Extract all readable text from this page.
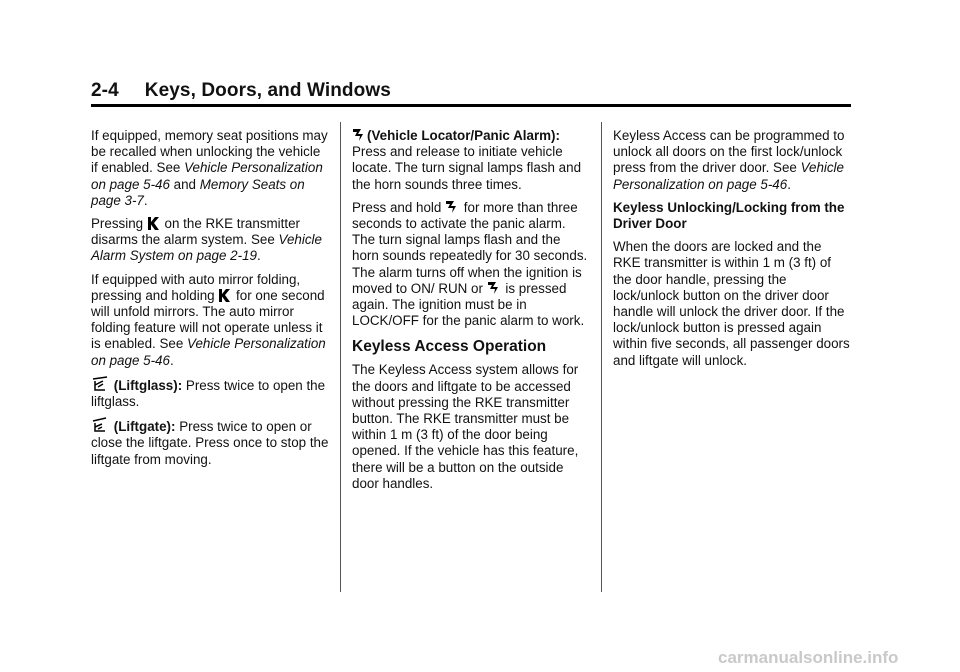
2-4 Keys, Doors, and Windows

If equipped, memory seat positions may be recalled when unlocking the vehicle if enabled. See Vehicle Personalization on page 5-46 and Memory Seats on page 3-7.

Pressing  on the RKE transmitter disarms the alarm system. See Vehicle Alarm System on page 2-19.

If equipped with auto mirror folding, pressing and holding  for one second will unfold mirrors. The auto mirror folding feature will not operate unless it is enabled. See Vehicle Personalization on page 5-46.

(Liftglass): Press twice to open the liftglass.

(Liftgate): Press twice to open or close the liftgate. Press once to stop the liftgate from moving.

(Vehicle Locator/Panic Alarm): Press and release to initiate vehicle locate. The turn signal lamps flash and the horn sounds three times.

Press and hold  for more than three seconds to activate the panic alarm. The turn signal lamps flash and the horn sounds repeatedly for 30 seconds. The alarm turns off when the ignition is moved to ON/ RUN or  is pressed again. The ignition must be in LOCK/OFF for the panic alarm to work.

Keyless Access Operation

The Keyless Access system allows for the doors and liftgate to be accessed without pressing the RKE transmitter button. The RKE transmitter must be within 1 m (3 ft) of the door being opened. If the vehicle has this feature, there will be a button on the outside door handles.

Keyless Access can be programmed to unlock all doors on the first lock/unlock press from the driver door. See Vehicle Personalization on page 5-46.

Keyless Unlocking/Locking from the Driver Door

When the doors are locked and the RKE transmitter is within 1 m (3 ft) of the door handle, pressing the lock/unlock button on the driver door handle will unlock the driver door. If the lock/unlock button is pressed again within five seconds, all passenger doors and liftgate will unlock.

carmanualsonline.info
